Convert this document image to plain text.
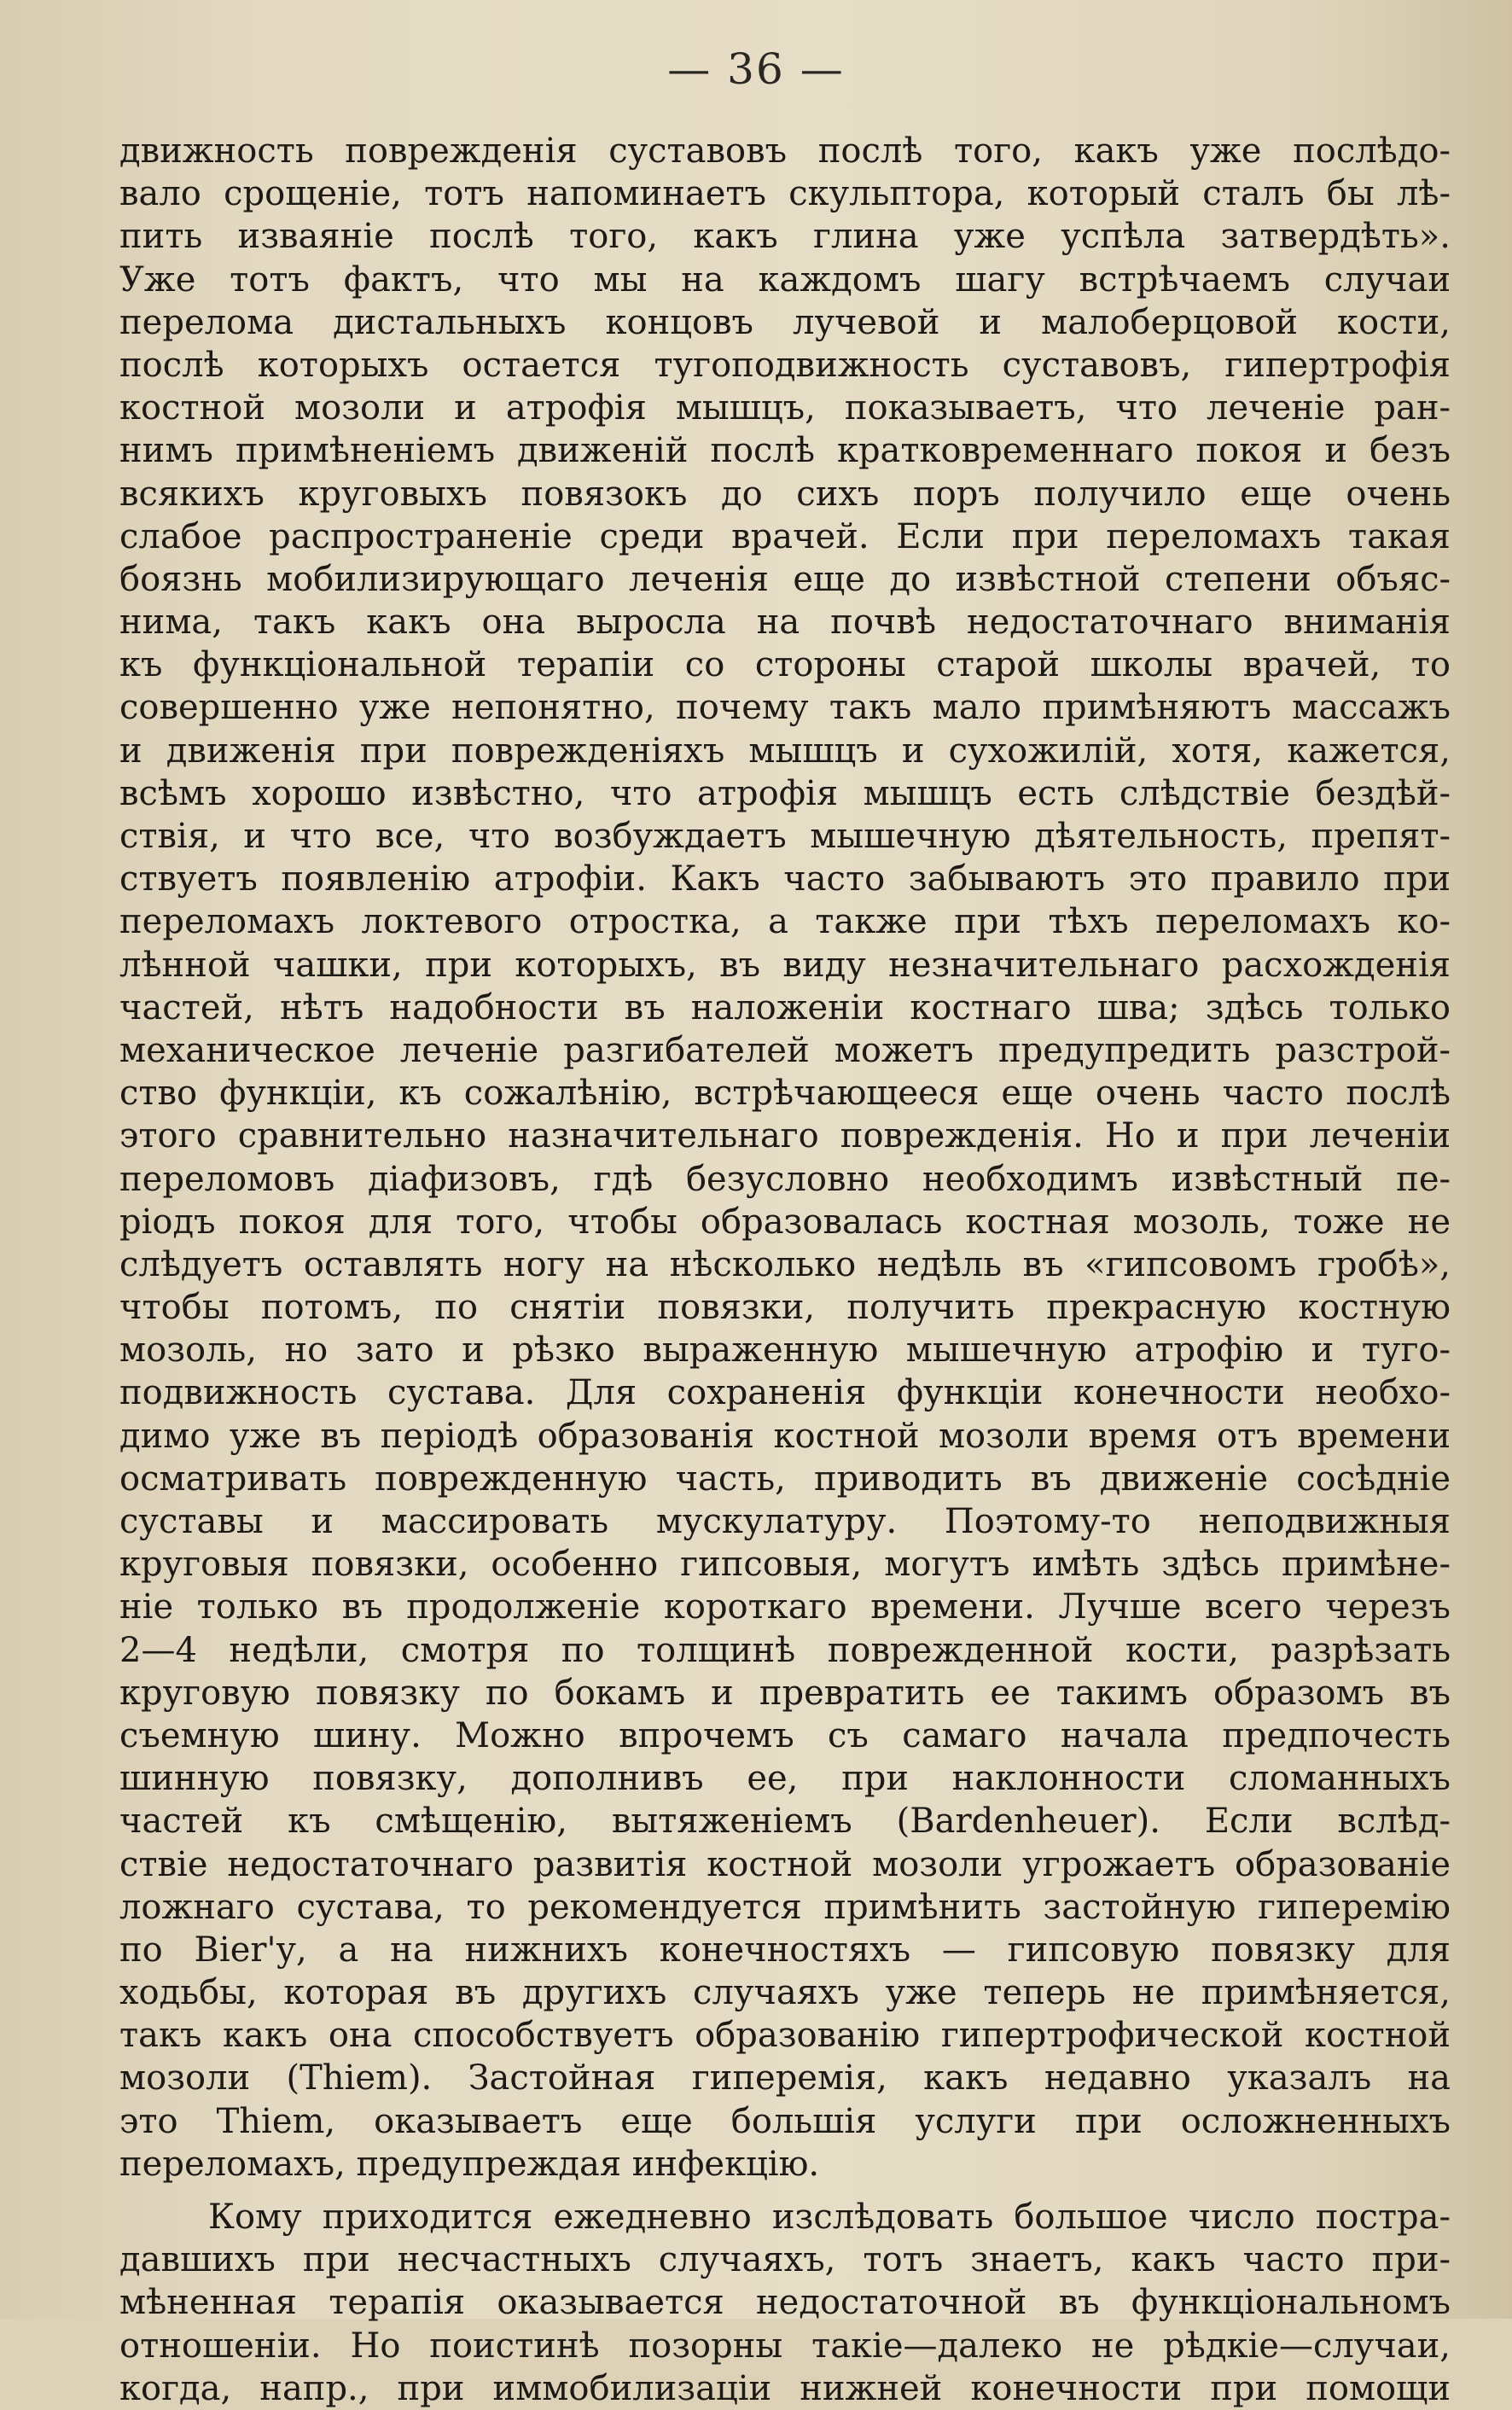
— 36 —
движность поврежденія суставовъ послѣ того, какъ уже послѣдо-
вало срощеніе, тотъ напоминаетъ скульптора, который сталъ бы лѣ-
пить изваяніе послѣ того, какъ глина уже успѣла затвердѣть».
Уже тотъ фактъ, что мы на каждомъ шагу встрѣчаемъ случаи
перелома дистальныхъ концовъ лучевой и малоберцовой кости,
послѣ которыхъ остается тугоподвижность суставовъ, гипертрофія
костной мозоли и атрофія мышцъ, показываетъ, что леченіе ран-
нимъ примѣненіемъ движеній послѣ кратковременнаго покоя и безъ
всякихъ круговыхъ повязокъ до сихъ поръ получило еще очень
слабое распространеніе среди врачей. Если при переломахъ такая
боязнь мобилизирующаго леченія еще до извѣстной степени объяс-
нима, такъ какъ она выросла на почвѣ недостаточнаго вниманія
къ функціональной терапіи со стороны старой школы врачей, то
совершенно уже непонятно, почему такъ мало примѣняютъ массажъ
и движенія при поврежденіяхъ мышцъ и сухожилій, хотя, кажется,
всѣмъ хорошо извѣстно, что атрофія мышцъ есть слѣдствіе бездѣй-
ствія, и что все, что возбуждаетъ мышечную дѣятельность, препят-
ствуетъ появленію атрофіи. Какъ часто забываютъ это правило при
переломахъ локтевого отростка, а также при тѣхъ переломахъ ко-
лѣнной чашки, при которыхъ, въ виду незначительнаго расхожденія
частей, нѣтъ надобности въ наложеніи костнаго шва; здѣсь только
механическое леченіе разгибателей можетъ предупредить разстрой-
ство функціи, къ сожалѣнію, встрѣчающееся еще очень часто послѣ
этого сравнительно назначительнаго поврежденія. Но и при леченіи
переломовъ діафизовъ, гдѣ безусловно необходимъ извѣстный пе-
ріодъ покоя для того, чтобы образовалась костная мозоль, тоже не
слѣдуетъ оставлять ногу на нѣсколько недѣль въ «гипсовомъ гробѣ»,
чтобы потомъ, по снятіи повязки, получить прекрасную костную
мозоль, но зато и рѣзко выраженную мышечную атрофію и туго-
подвижность сустава. Для сохраненія функціи конечности необхо-
димо уже въ періодѣ образованія костной мозоли время отъ времени
осматривать поврежденную часть, приводить въ движеніе сосѣдніе
суставы и массировать мускулатуру. Поэтому-то неподвижныя
круговыя повязки, особенно гипсовыя, могутъ имѣть здѣсь примѣне-
ніе только въ продолженіе короткаго времени. Лучше всего черезъ
2—4 недѣли, смотря по толщинѣ поврежденной кости, разрѣзать
круговую повязку по бокамъ и превратить ее такимъ образомъ въ
съемную шину. Можно впрочемъ съ самаго начала предпочесть
шинную повязку, дополнивъ ее, при наклонности сломанныхъ
частей къ смѣщенію, вытяженіемъ (Bardenheuer). Если вслѣд-
ствіе недостаточнаго развитія костной мозоли угрожаетъ образованіе
ложнаго сустава, то рекомендуется примѣнить застойную гиперемію
по Bier'у, а на нижнихъ конечностяхъ — гипсовую повязку для
ходьбы, которая въ другихъ случаяхъ уже теперь не примѣняется,
такъ какъ она способствуетъ образованію гипертрофической костной
мозоли (Thiem). Застойная гиперемія, какъ недавно указалъ на
это Thiem, оказываетъ еще большія услуги при осложненныхъ
переломахъ, предупреждая инфекцію.
Кому приходится ежедневно изслѣдовать большое число постра-
давшихъ при несчастныхъ случаяхъ, тотъ знаетъ, какъ часто при-
мѣненная терапія оказывается недостаточной въ функціональномъ
отношеніи. Но поистинѣ позорны такіе—далеко не рѣдкіе—случаи,
когда, напр., при иммобилизаціи нижней конечности при помощи
